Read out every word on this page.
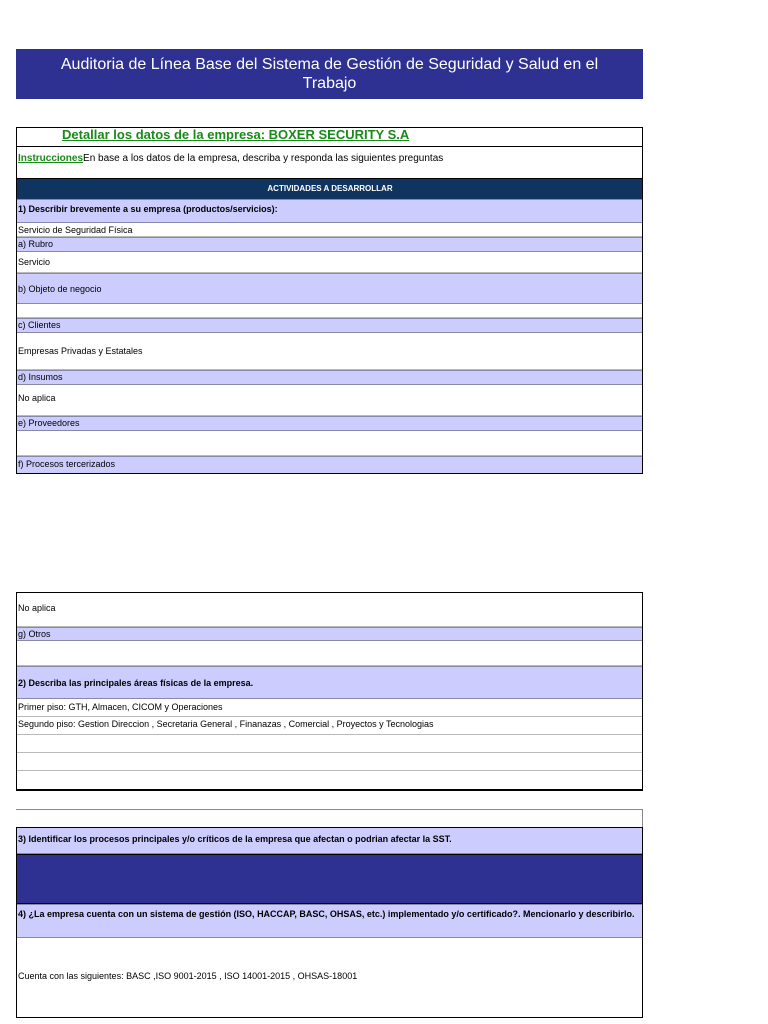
Auditoria de Línea Base del Sistema de Gestión de Seguridad y Salud en el
Trabajo
Detallar los datos de la empresa: BOXER SECURITY S.A
InstruccionesEn base a los datos de la empresa, describa y responda las siguientes preguntas
ACTIVIDADES A DESARROLLAR
1) Describir brevemente a su empresa (productos/servicios):
Servicio de Seguridad Física
a) Rubro
Servicio
b) Objeto de negocio
c) Clientes
Empresas Privadas y Estatales
d) Insumos
No aplica
e) Proveedores
f) Procesos tercerizados
No aplica
g) Otros
2) Describa las principales áreas físicas de la empresa.
Primer piso: GTH, Almacen, CICOM y Operaciones
Segundo piso: Gestion Direccion , Secretaria General , Finanazas , Comercial , Proyectos y Tecnologias
3) Identificar los procesos principales y/o críticos de la empresa que afectan o podrian afectar la SST.
4) ¿La empresa cuenta con un sistema de gestión (ISO, HACCAP, BASC, OHSAS, etc.) implementado y/o certificado?. Mencionarlo y describirlo.
Cuenta con las siguientes: BASC ,ISO 9001-2015 , ISO 14001-2015 , OHSAS-18001
